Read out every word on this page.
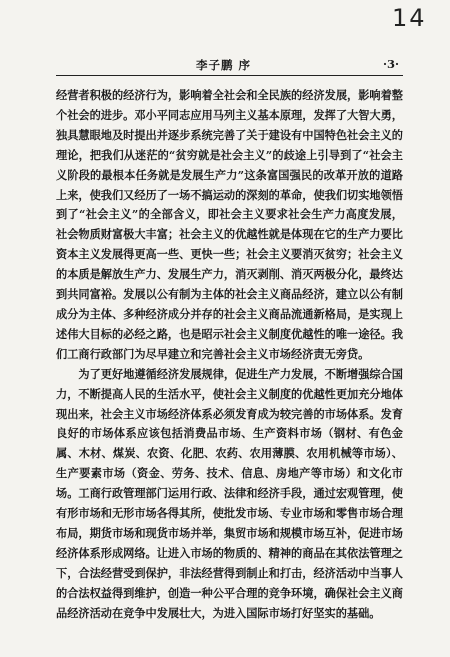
14
李子鹏 序	·3·

经营者积极的经济行为，影响着全社会和全民族的经济发展，影响着整个社会的进步。邓小平同志应用马列主义基本原理，发挥了大智大勇，独具慧眼地及时提出并逐步系统完善了关于建设有中国特色社会主义的理论，把我们从迷茫的“贫穷就是社会主义”的歧途上引导到了“社会主义阶段的最根本任务就是发展生产力”这条富国强民的改革开放的道路上来，使我们又经历了一场不搞运动的深刻的革命，使我们切实地领悟到了“社会主义”的全部含义，即社会主义要求社会生产力高度发展，社会物质财富极大丰富；社会主义的优越性就是体现在它的生产力要比资本主义发展得更高一些、更快一些；社会主义要消灭贫穷；社会主义的本质是解放生产力、发展生产力，消灭剥削、消灭两极分化，最终达到共同富裕。发展以公有制为主体的社会主义商品经济，建立以公有制成分为主体、多种经济成分并存的社会主义商品流通新格局，是实现上述伟大目标的必经之路，也是昭示社会主义制度优越性的唯一途径。我们工商行政部门为尽早建立和完善社会主义市场经济责无旁贷。

为了更好地遵循经济发展规律，促进生产力发展，不断增强综合国力，不断提高人民的生活水平，使社会主义制度的优越性更加充分地体现出来，社会主义市场经济体系必须发育成为较完善的市场体系。发育良好的市场体系应该包括消费品市场、生产资料市场（钢材、有色金属、木材、煤炭、农资、化肥、农药、农用薄膜、农用机械等市场）、生产要素市场（资金、劳务、技术、信息、房地产等市场）和文化市场。工商行政管理部门运用行政、法律和经济手段，通过宏观管理，使有形市场和无形市场各得其所，使批发市场、专业市场和零售市场合理布局，期货市场和现货市场并举，集贸市场和规模市场互补，促进市场经济体系形成网络。让进入市场的物质的、精神的商品在其依法管理之下，合法经营受到保护，非法经营得到制止和打击，经济活动中当事人的合法权益得到维护，创造一种公平合理的竞争环境，确保社会主义商品经济活动在竞争中发展壮大，为进入国际市场打好坚实的基础。
